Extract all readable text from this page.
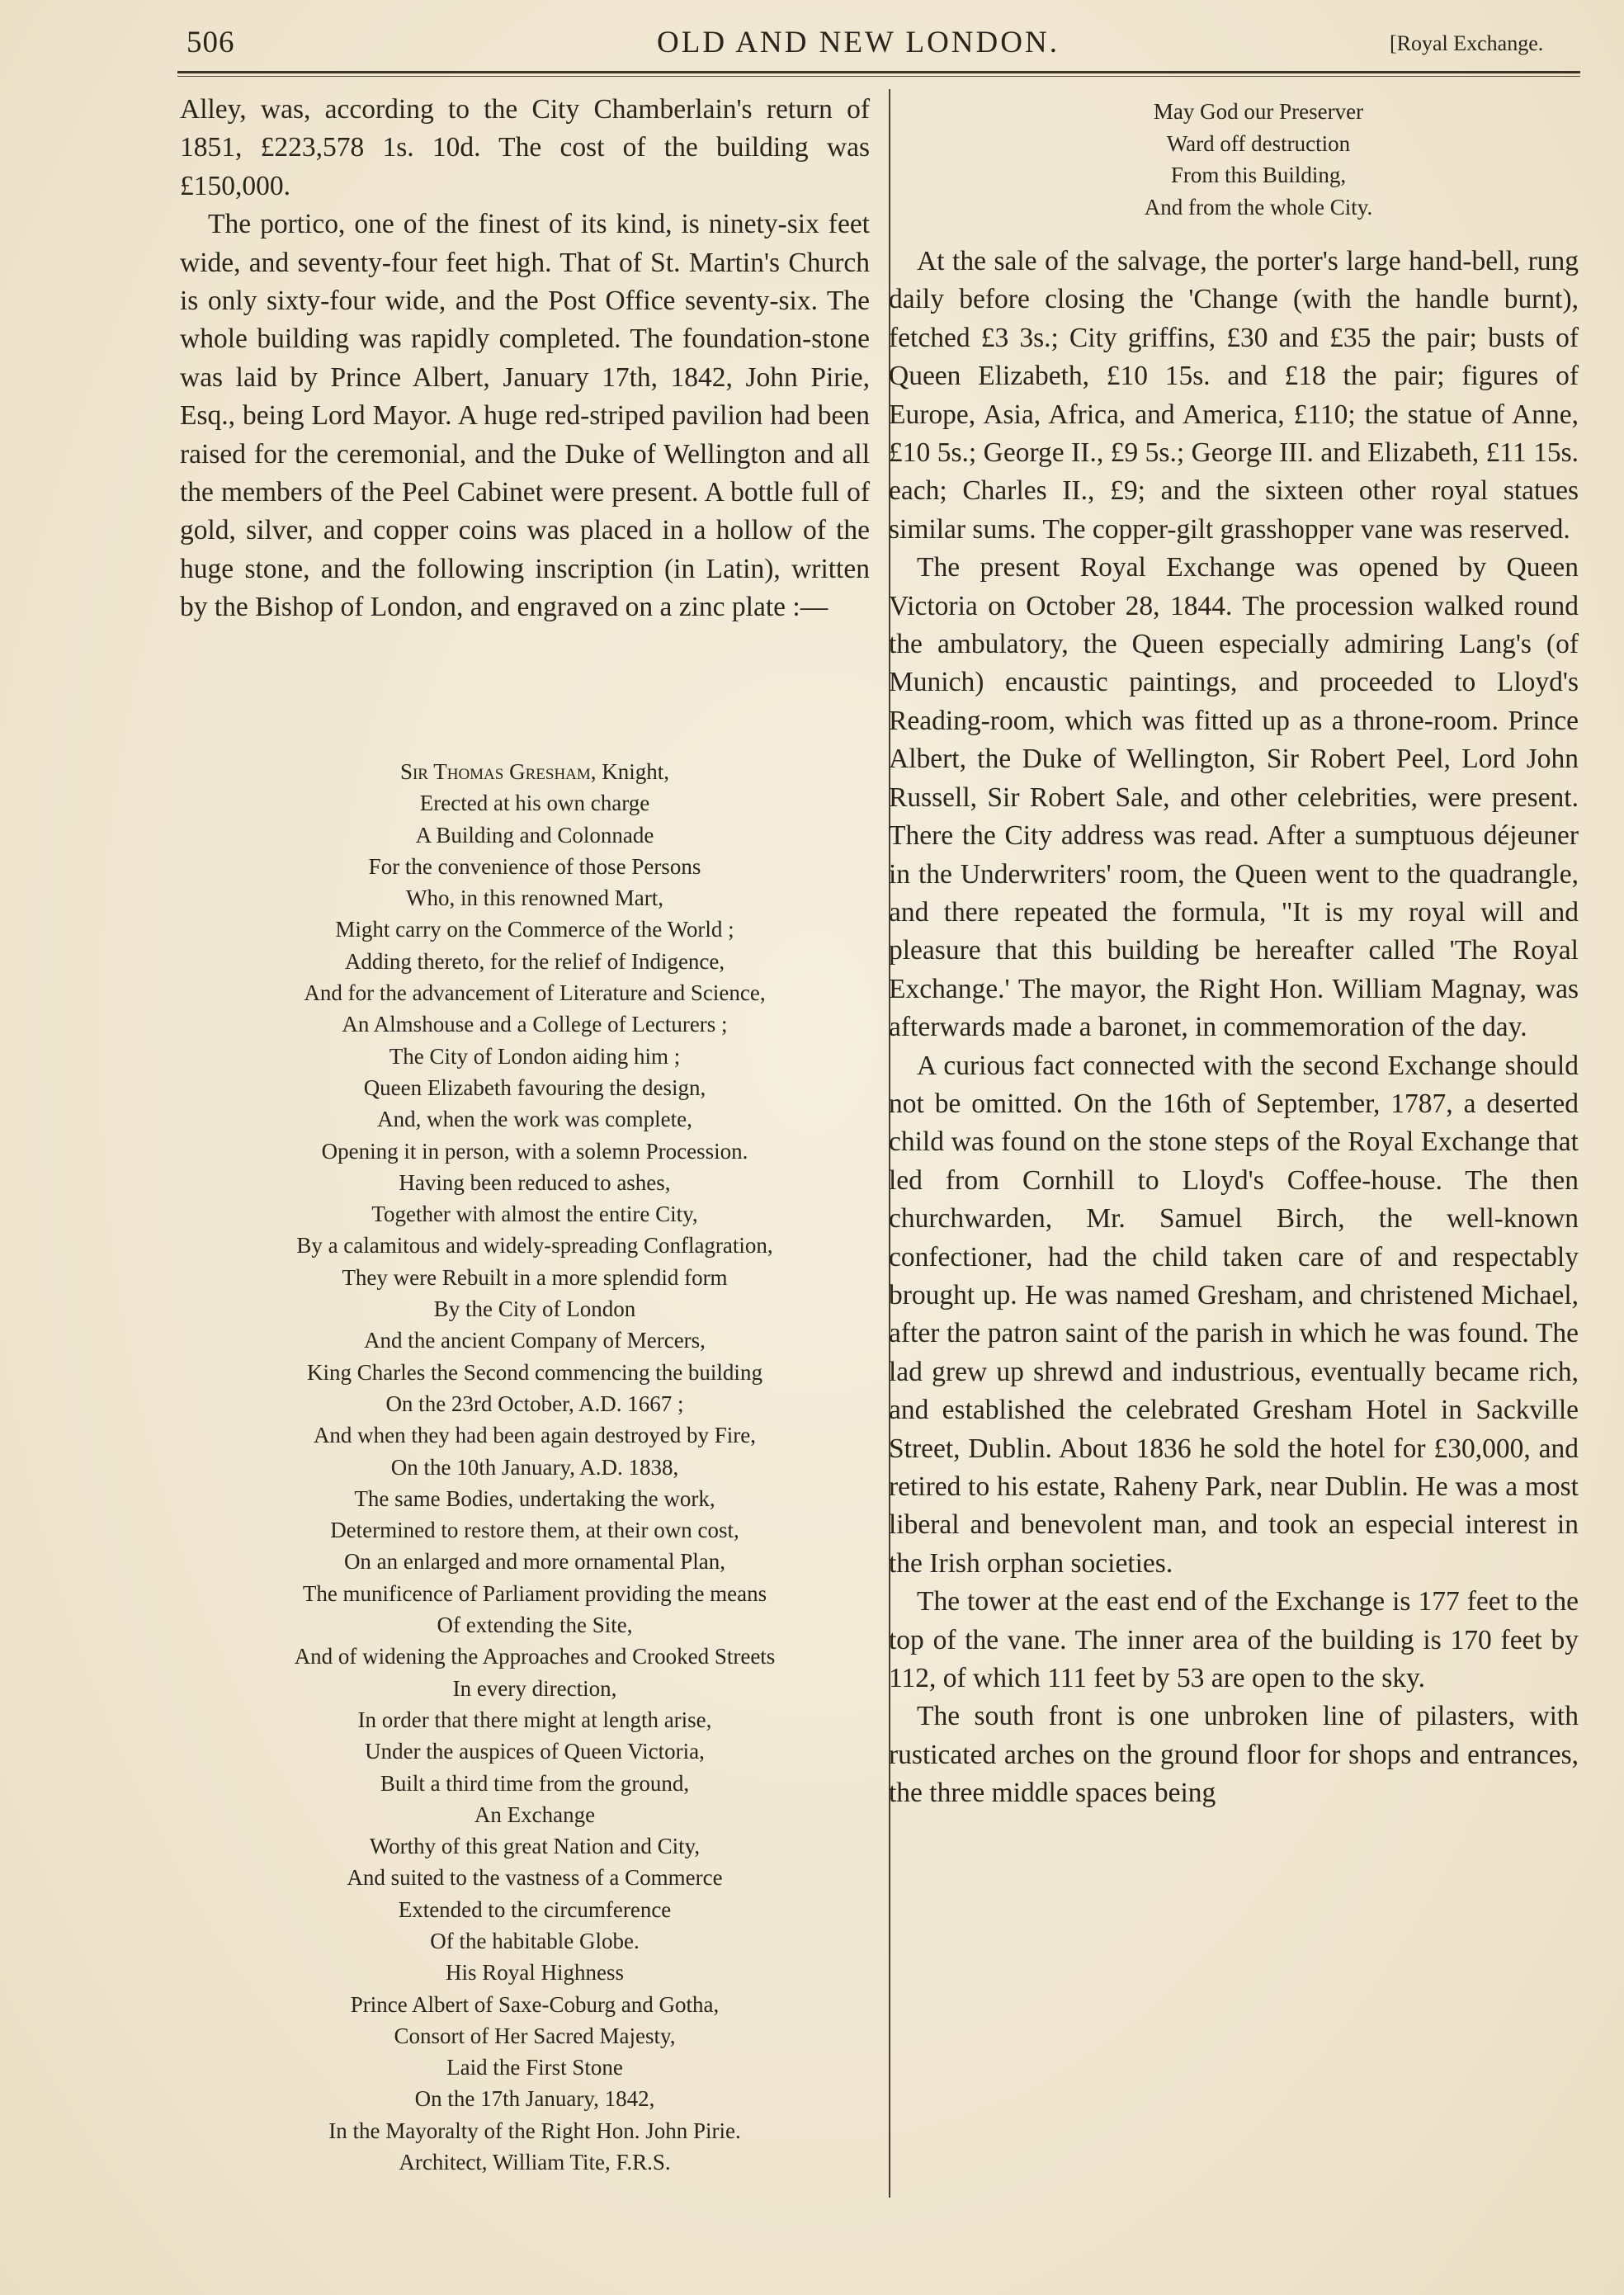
506	OLD AND NEW LONDON.	[Royal Exchange.

Alley, was, according to the City Chamberlain's return of 1851, £223,578 1s. 10d. The cost of the building was £150,000.

The portico, one of the finest of its kind, is ninety-six feet wide, and seventy-four feet high. That of St. Martin's Church is only sixty-four wide, and the Post Office seventy-six. The whole building was rapidly completed. The foundation-stone was laid by Prince Albert, January 17th, 1842, John Pirie, Esq., being Lord Mayor. A huge red-striped pavilion had been raised for the ceremonial, and the Duke of Wellington and all the members of the Peel Cabinet were present. A bottle full of gold, silver, and copper coins was placed in a hollow of the huge stone, and the following inscription (in Latin), written by the Bishop of London, and engraved on a zinc plate :—

Sir Thomas Gresham, Knight,
Erected at his own charge
A Building and Colonnade
For the convenience of those Persons
Who, in this renowned Mart,
Might carry on the Commerce of the World ;
Adding thereto, for the relief of Indigence,
And for the advancement of Literature and Science,
An Almshouse and a College of Lecturers ;
The City of London aiding him ;
Queen Elizabeth favouring the design,
And, when the work was complete,
Opening it in person, with a solemn Procession.
Having been reduced to ashes,
Together with almost the entire City,
By a calamitous and widely-spreading Conflagration,
They were Rebuilt in a more splendid form
By the City of London
And the ancient Company of Mercers,
King Charles the Second commencing the building
On the 23rd October, A.D. 1667 ;
And when they had been again destroyed by Fire,
On the 10th January, A.D. 1838,
The same Bodies, undertaking the work,
Determined to restore them, at their own cost,
On an enlarged and more ornamental Plan,
The munificence of Parliament providing the means
Of extending the Site,
And of widening the Approaches and Crooked Streets
In every direction,
In order that there might at length arise,
Under the auspices of Queen Victoria,
Built a third time from the ground,
An Exchange
Worthy of this great Nation and City,
And suited to the vastness of a Commerce
Extended to the circumference
Of the habitable Globe.
His Royal Highness
Prince Albert of Saxe-Coburg and Gotha,
Consort of Her Sacred Majesty,
Laid the First Stone
On the 17th January, 1842,
In the Mayoralty of the Right Hon. John Pirie.
Architect, William Tite, F.R.S.
May God our Preserver
Ward off destruction
From this Building,
And from the whole City.

At the sale of the salvage, the porter's large hand-bell, rung daily before closing the 'Change (with the handle burnt), fetched £3 3s.; City griffins, £30 and £35 the pair; busts of Queen Elizabeth, £10 15s. and £18 the pair; figures of Europe, Asia, Africa, and America, £110; the statue of Anne, £10 5s.; George II., £9 5s.; George III. and Elizabeth, £11 15s. each; Charles II., £9; and the sixteen other royal statues similar sums. The copper-gilt grasshopper vane was reserved.

The present Royal Exchange was opened by Queen Victoria on October 28, 1844. The procession walked round the ambulatory, the Queen especially admiring Lang's (of Munich) encaustic paintings, and proceeded to Lloyd's Reading-room, which was fitted up as a throne-room. Prince Albert, the Duke of Wellington, Sir Robert Peel, Lord John Russell, Sir Robert Sale, and other celebrities, were present. There the City address was read. After a sumptuous déjeuner in the Underwriters' room, the Queen went to the quadrangle, and there repeated the formula, "It is my royal will and pleasure that this building be hereafter called 'The Royal Exchange.' The mayor, the Right Hon. William Magnay, was afterwards made a baronet, in commemoration of the day.

A curious fact connected with the second Exchange should not be omitted. On the 16th of September, 1787, a deserted child was found on the stone steps of the Royal Exchange that led from Cornhill to Lloyd's Coffee-house. The then churchwarden, Mr. Samuel Birch, the well-known confectioner, had the child taken care of and respectably brought up. He was named Gresham, and christened Michael, after the patron saint of the parish in which he was found. The lad grew up shrewd and industrious, eventually became rich, and established the celebrated Gresham Hotel in Sackville Street, Dublin. About 1836 he sold the hotel for £30,000, and retired to his estate, Raheny Park, near Dublin. He was a most liberal and benevolent man, and took an especial interest in the Irish orphan societies.

The tower at the east end of the Exchange is 177 feet to the top of the vane. The inner area of the building is 170 feet by 112, of which 111 feet by 53 are open to the sky.

The south front is one unbroken line of pilasters, with rusticated arches on the ground floor for shops and entrances, the three middle spaces being
